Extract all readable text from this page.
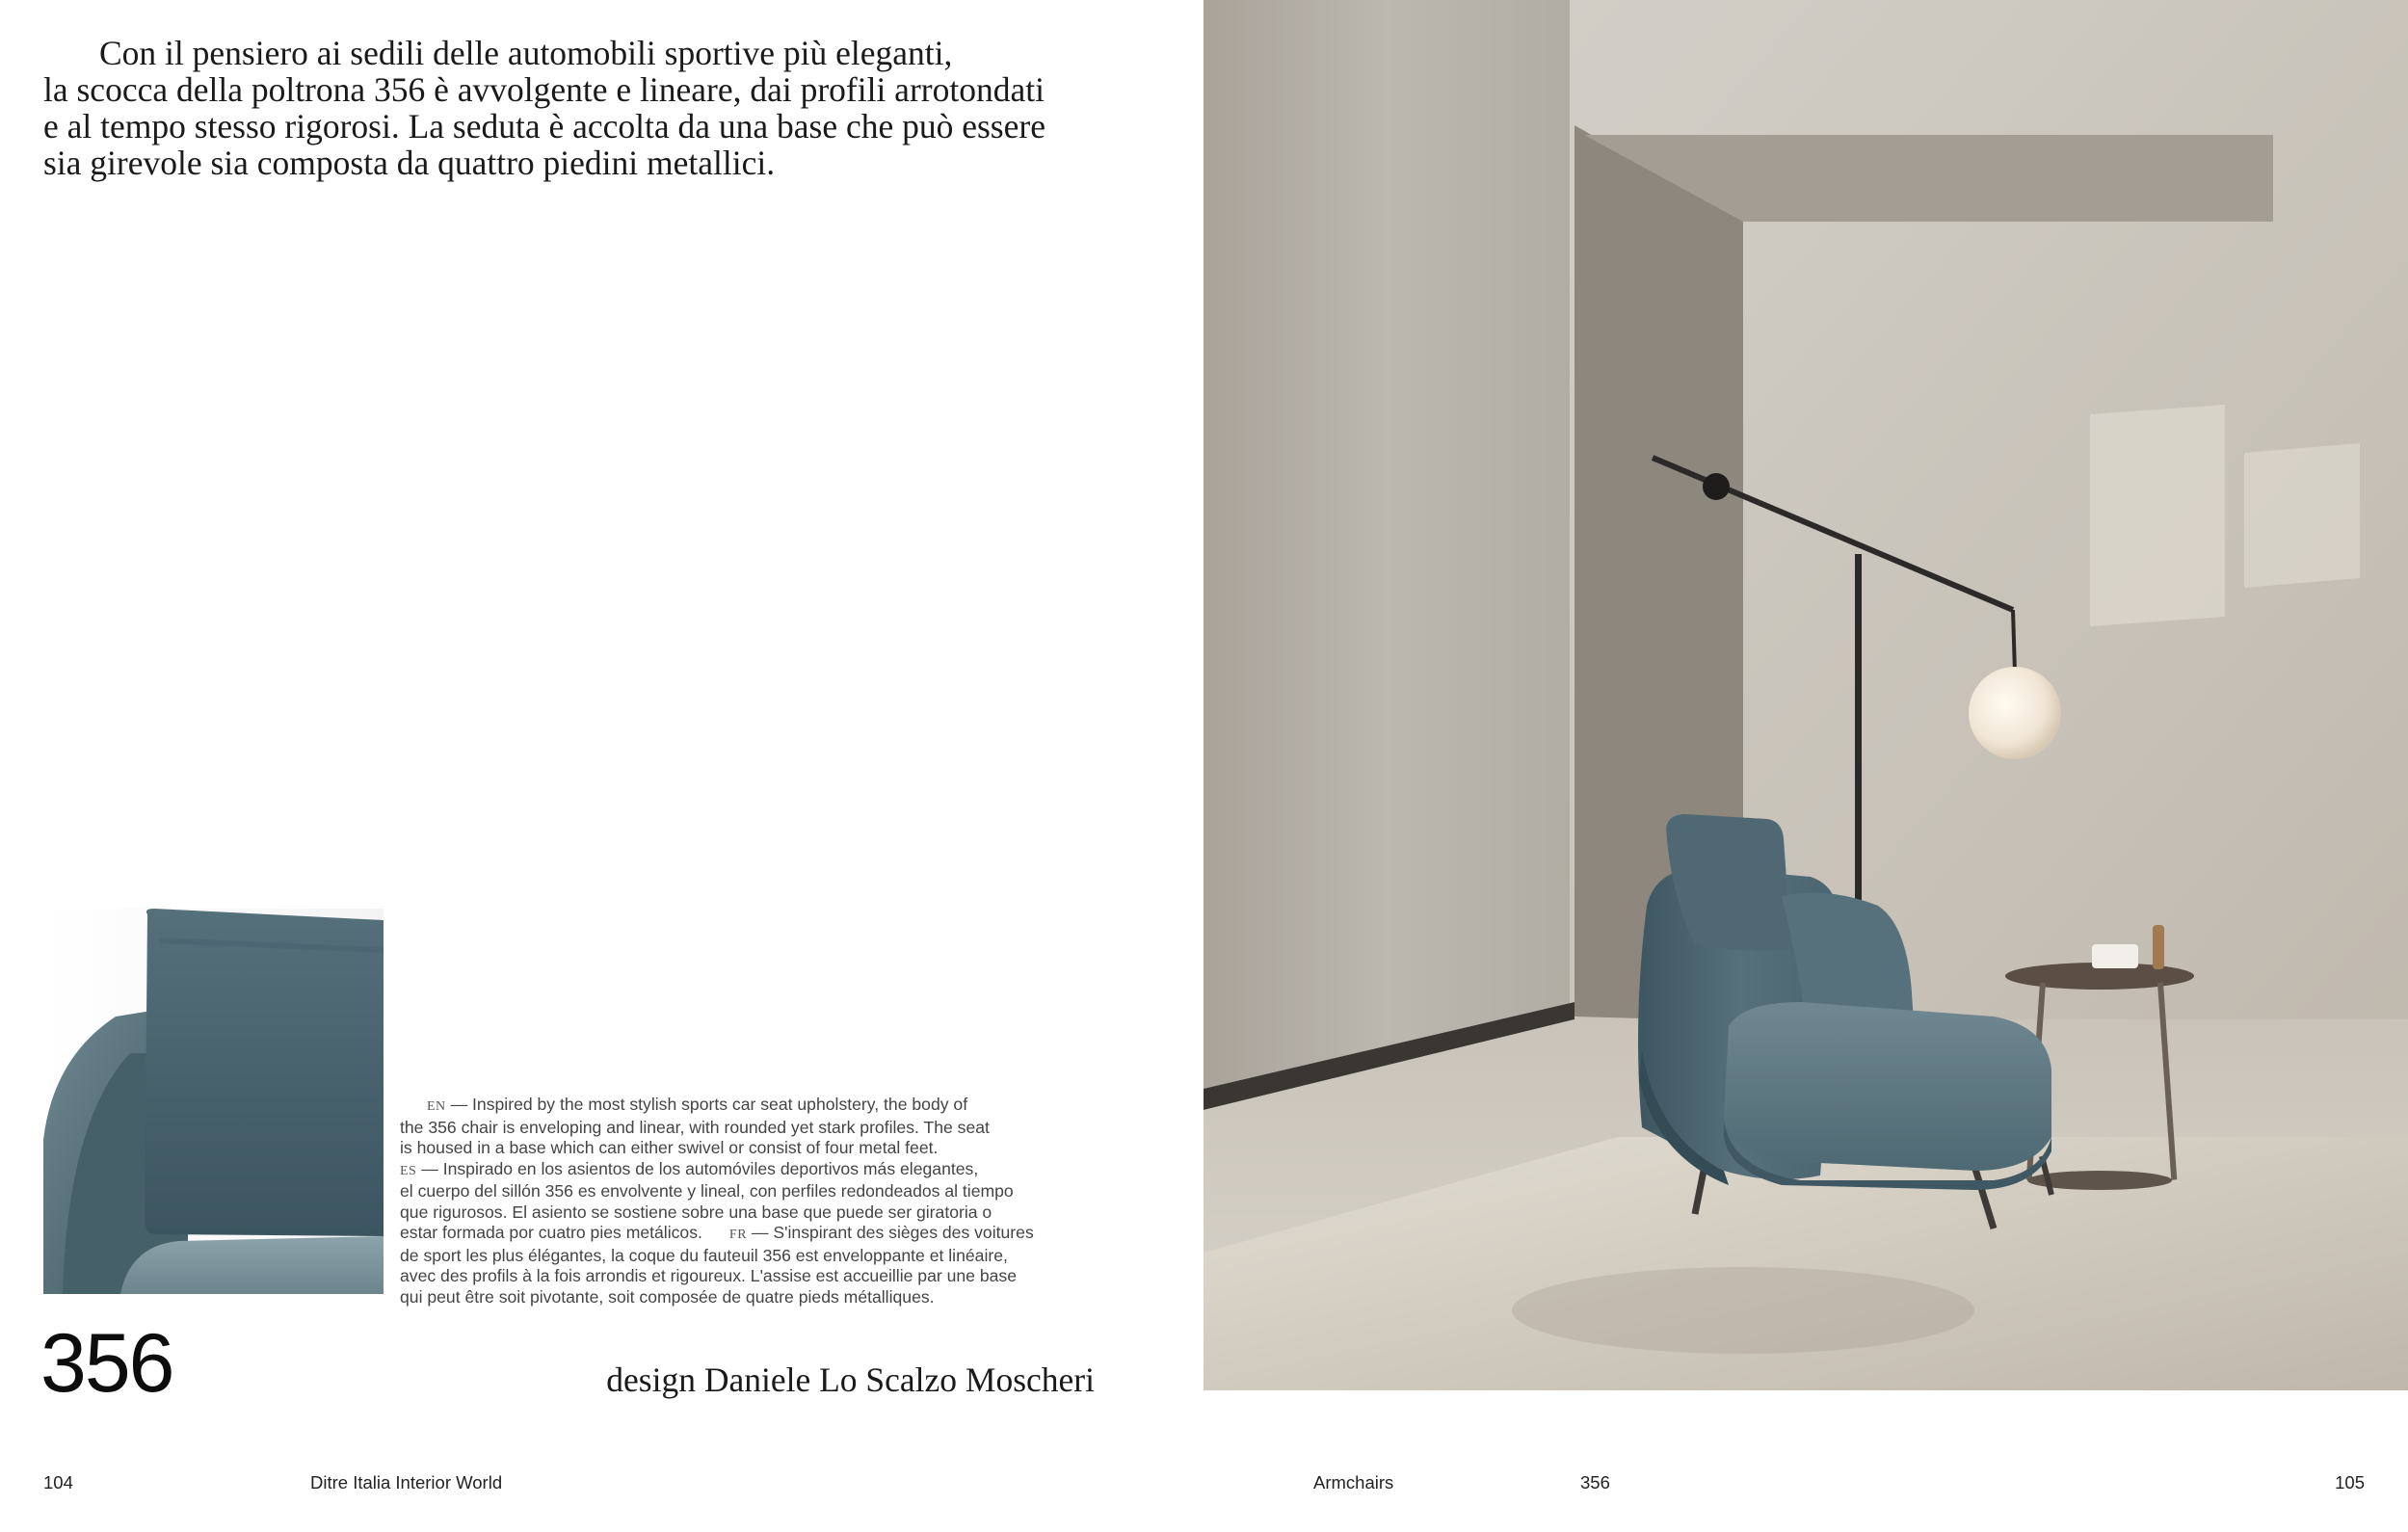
Con il pensiero ai sedili delle automobili sportive più eleganti,
la scocca della poltrona 356 è avvolgente e lineare, dai profili arrotondati
e al tempo stesso rigorosi. La seduta è accolta da una base che può essere
sia girevole sia composta da quattro piedini metallici.

EN — Inspired by the most stylish sports car seat upholstery, the body of
the 356 chair is enveloping and linear, with rounded yet stark profiles. The seat
is housed in a base which can either swivel or consist of four metal feet.
ES — Inspirado en los asientos de los automóviles deportivos más elegantes,
el cuerpo del sillón 356 es envolvente y lineal, con perfiles redondeados al tiempo
que rigurosos. El asiento se sostiene sobre una base que puede ser giratoria o
estar formada por cuatro pies metálicos. FR — S'inspirant des sièges des voitures
de sport les plus élégantes, la coque du fauteuil 356 est enveloppante et linéaire,
avec des profils à la fois arrondis et rigoureux. L'assise est accueillie par une base
qui peut être soit pivotante, soit composée de quatre pieds métalliques.

356	design Daniele Lo Scalzo Moscheri

104	Ditre Italia Interior World	Armchairs	356	105
